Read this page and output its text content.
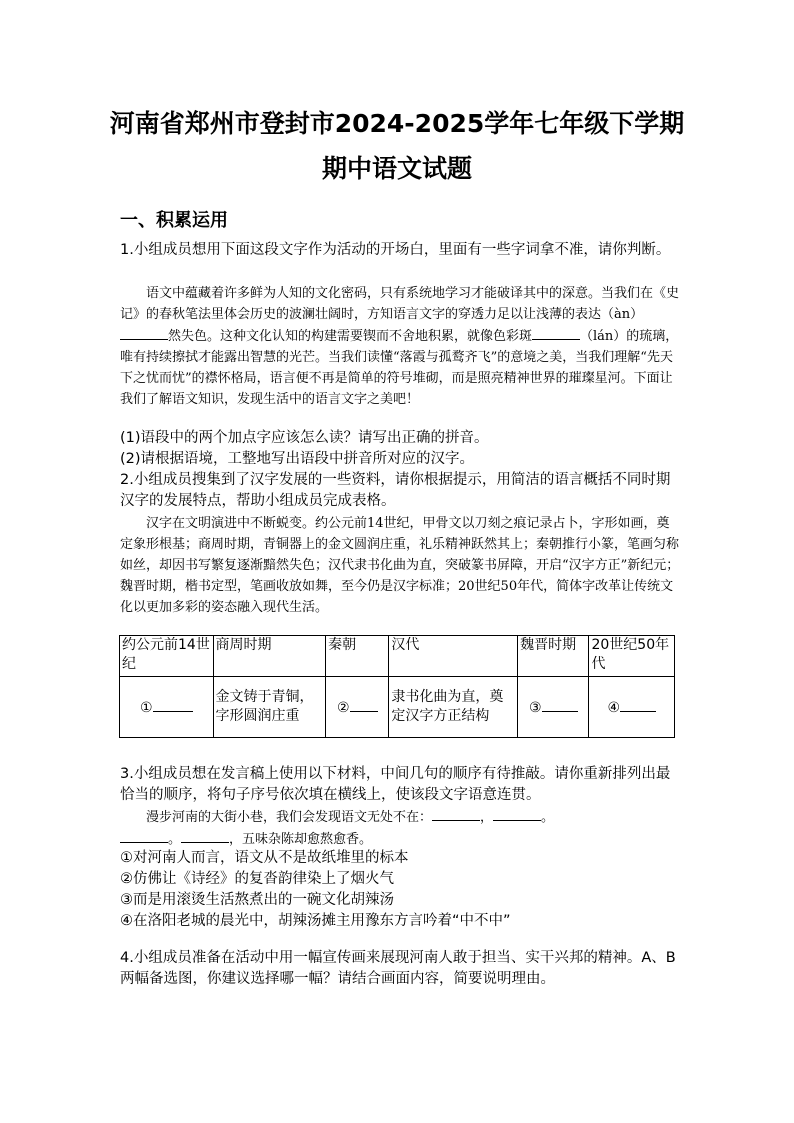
河南省郑州市登封市2024-2025学年七年级下学期
期中语文试题
一、积累运用
1.小组成员想用下面这段文字作为活动的开场白，里面有一些字词拿不准，请你判断。
语文中蕴藏着许多鲜为人知的文化密码，只有系统地学习才能破译其中的深意。当我们在《史记》的春秋笔法里体会历史的波澜壮阔时，方知语言文字的穿透力足以让浅薄的表达（àn）然失色。这种文化认知的构建需要锲而不舍地积累，就像色彩斑	（lán）的琉璃，唯有持续擦拭才能露出智慧的光芒。当我们读懂“落霞与孤鹜齐飞”的意境之美，当我们理解“先天下之忧而忧”的襟怀格局，语言便不再是简单的符号堆砌，而是照亮精神世界的璀璨星河。下面让我们了解语文知识，发现生活中的语言文字之美吧！
(1)语段中的两个加点字应该怎么读？请写出正确的拼音。
(2)请根据语境，工整地写出语段中拼音所对应的汉字。
2.小组成员搜集到了汉字发展的一些资料，请你根据提示，用简洁的语言概括不同时期汉字的发展特点，帮助小组成员完成表格。
汉字在文明演进中不断蜕变。约公元前14世纪，甲骨文以刀刻之痕记录占卜，字形如画，奠定象形根基；商周时期，青铜器上的金文圆润庄重，礼乐精神跃然其上；秦朝推行小篆，笔画匀称如丝，却因书写繁复逐渐黯然失色；汉代隶书化曲为直，突破篆书屏障，开启“汉字方正”新纪元；魏晋时期，楷书定型，笔画收放如舞，至今仍是汉字标准；20世纪50年代，简体字改革让传统文化以更加多彩的姿态融入现代生活。
约公元前14世纪	商周时期	秦朝	汉代	魏晋时期	20世纪50年代
①	金文铸于青铜，字形圆润庄重	②	隶书化曲为直，奠定汉字方正结构	③	④
3.小组成员想在发言稿上使用以下材料，中间几句的顺序有待推敲。请你重新排列出最恰当的顺序，将句子序号依次填在横线上，使该段文字语意连贯。
漫步河南的大街小巷，我们会发现语文无处不在：	，	。
。	，五味杂陈却愈熬愈香。
①对河南人而言，语文从不是故纸堆里的标本
②仿佛让《诗经》的复沓韵律染上了烟火气
③而是用滚烫生活熬煮出的一碗文化胡辣汤
④在洛阳老城的晨光中，胡辣汤摊主用豫东方言吟着“中不中”
4.小组成员准备在活动中用一幅宣传画来展现河南人敢于担当、实干兴邦的精神。A、B两幅备选图，你建议选择哪一幅？请结合画面内容，简要说明理由。
